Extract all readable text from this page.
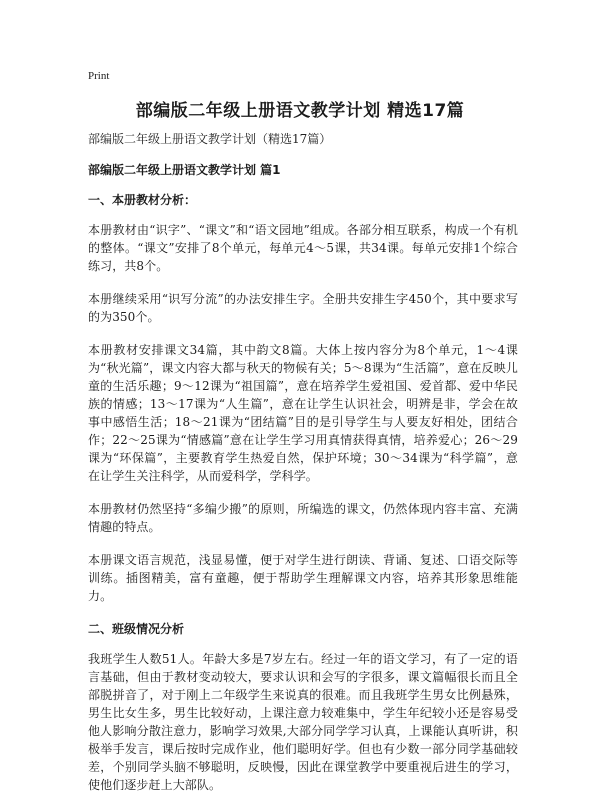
Print
部编版二年级上册语文教学计划 精选17篇

部编版二年级上册语文教学计划（精选17篇）

部编版二年级上册语文教学计划 篇1

一、本册教材分析：

本册教材由“识字”、“课文”和“语文园地”组成。各部分相互联系，构成一个有机的整体。“课文”安排了8个单元，每单元4～5课，共34课。每单元安排1个综合练习，共8个。

本册继续采用“识写分流”的办法安排生字。全册共安排生字450个，其中要求写的为350个。

本册教材安排课文34篇，其中韵文8篇。大体上按内容分为8个单元，1～4课为“秋光篇”，课文内容大都与秋天的物候有关；5～8课为“生活篇”，意在反映儿童的生活乐趣；9～12课为“祖国篇”，意在培养学生爱祖国、爱首都、爱中华民族的情感；13～17课为“人生篇”，意在让学生认识社会，明辨是非，学会在故事中感悟生活；18～21课为“团结篇”目的是引导学生与人要友好相处，团结合作；22～25课为“情感篇”意在让学生学习用真情获得真情，培养爱心；26～29课为“环保篇”，主要教育学生热爱自然，保护环境；30～34课为“科学篇”，意在让学生关注科学，从而爱科学，学科学。

本册教材仍然坚持“多编少搬”的原则，所编选的课文，仍然体现内容丰富、充满情趣的特点。

本册课文语言规范，浅显易懂，便于对学生进行朗读、背诵、复述、口语交际等训练。插图精美，富有童趣，便于帮助学生理解课文内容，培养其形象思维能力。

二、班级情况分析

我班学生人数51人。年龄大多是7岁左右。经过一年的语文学习，有了一定的语言基础，但由于教材变动较大，要求认识和会写的字很多，课文篇幅很长而且全部脱拼音了，对于刚上二年级学生来说真的很难。而且我班学生男女比例悬殊，男生比女生多，男生比较好动，上课注意力较难集中，学生年纪较小还是容易受他人影响分散注意力，影响学习效果,大部分同学学习认真，上课能认真听讲，积极举手发言，课后按时完成作业，他们聪明好学。但也有少数一部分同学基础较差，个别同学头脑不够聪明，反映慢，因此在课堂教学中要重视后进生的学习，使他们逐步赶上大部队。
